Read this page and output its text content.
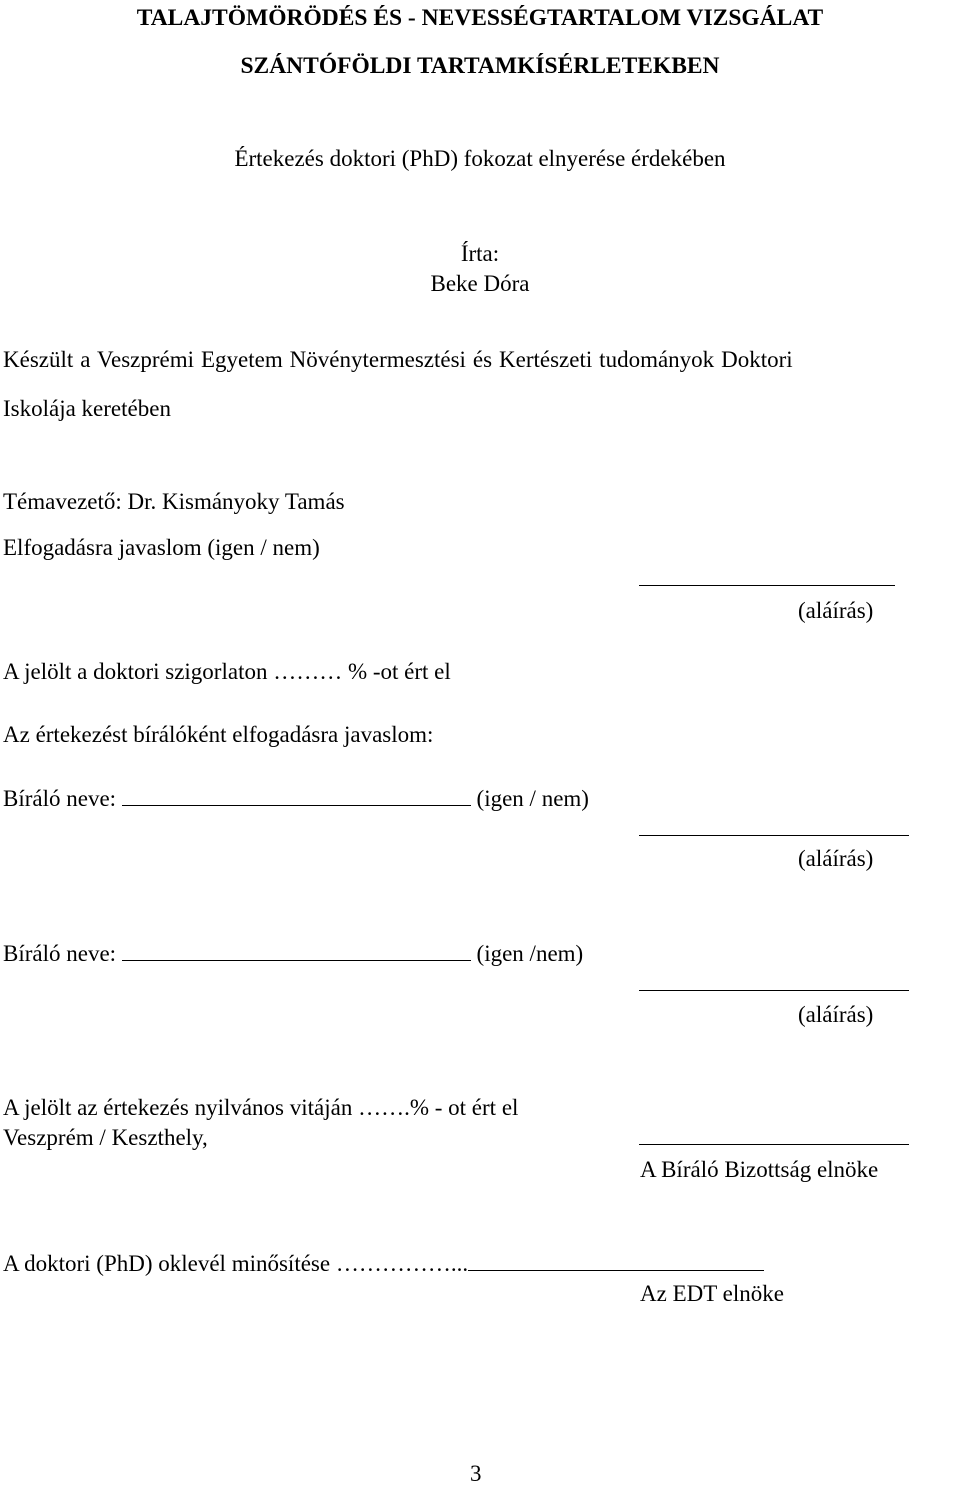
TALAJTÖMÖRÖDÉS ÉS - NEVESSÉGTARTALOM VIZSGÁLAT
SZÁNTÓFÖLDI TARTAMKÍSÉRLETEKBEN
Értekezés doktori (PhD) fokozat elnyerése érdekében
Írta:
Beke Dóra
Készült a Veszprémi Egyetem Növénytermesztési és Kertészeti tudományok Doktori
Iskolája keretében
Témavezető: Dr. Kismányoky Tamás
Elfogadásra javaslom (igen / nem)
(aláírás)
A jelölt a doktori szigorlaton ……… % -ot ért el
Az értekezést bírálóként elfogadásra javaslom:
Bíráló neve:	(igen / nem)
(aláírás)
Bíráló neve:	(igen /nem)
(aláírás)
A jelölt az értekezés nyilvános vitáján …….% - ot ért el
Veszprém / Keszthely,
A Bíráló Bizottság elnöke
A doktori (PhD) oklevél minősítése ……………...
Az EDT elnöke
3
